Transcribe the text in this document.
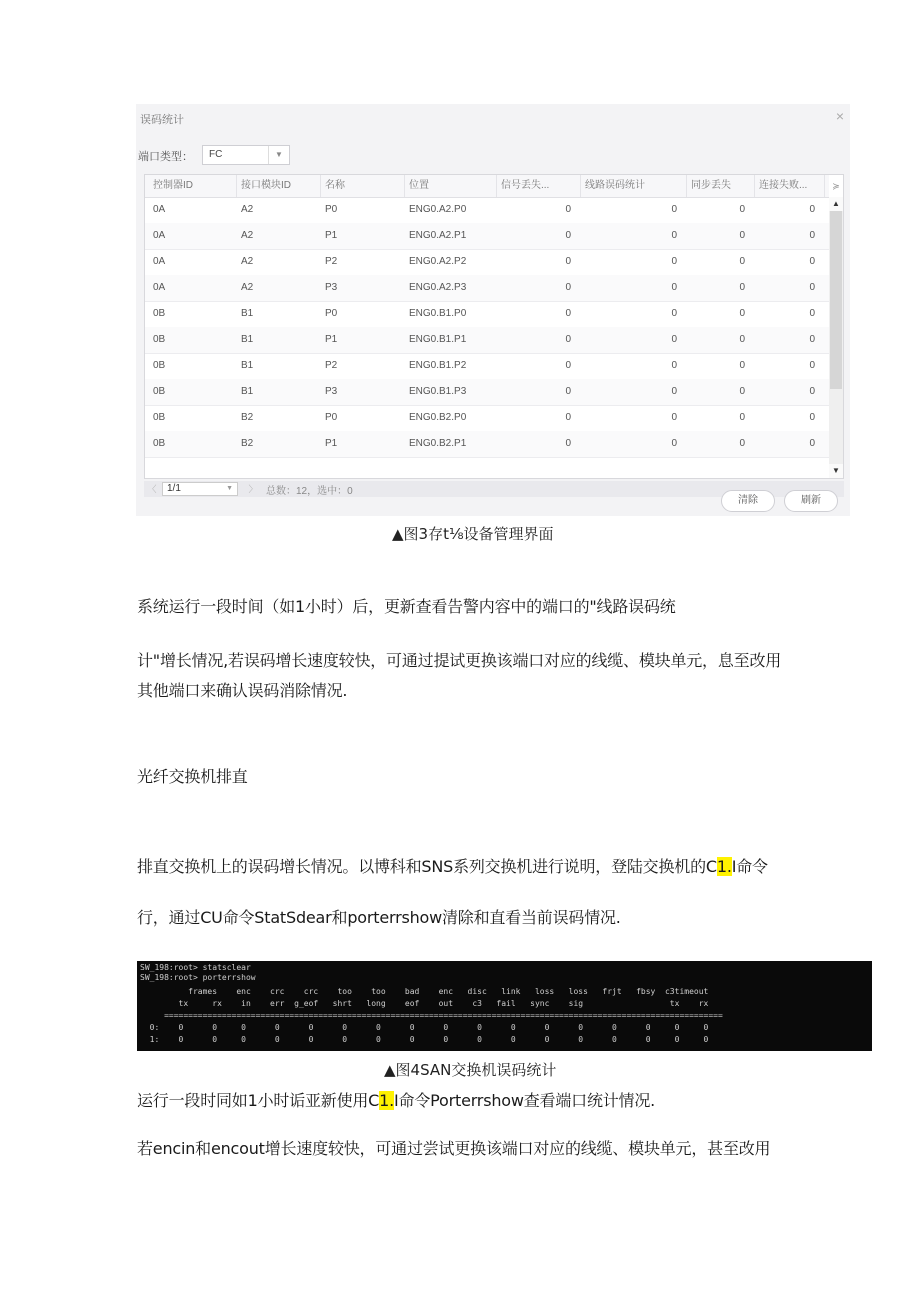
误码统计	×
端口类型： FC	▼
控制器ID	接口模块ID	名称	位置	信号丢失...	线路误码统计	同步丢失	连接失败...	≽
0A	A2	P0	ENG0.A2.P0	0	0	0	0
0A	A2	P1	ENG0.A2.P1	0	0	0	0
0A	A2	P2	ENG0.A2.P2	0	0	0	0
0A	A2	P3	ENG0.A2.P3	0	0	0	0
0B	B1	P0	ENG0.B1.P0	0	0	0	0
0B	B1	P1	ENG0.B1.P1	0	0	0	0
0B	B1	P2	ENG0.B1.P2	0	0	0	0
0B	B1	P3	ENG0.B1.P3	0	0	0	0
0B	B2	P0	ENG0.B2.P0	0	0	0	0
0B	B2	P1	ENG0.B2.P1	0	0	0	0
▲
▼
〈	1/1	▼ 〉 总数：12，选中：0
清除	刷新
▲图3存t⅛设备管理界面
系统运行一段时间（如1小时）后，更新查看告警内容中的端口的"线路误码统
计"增长情况,若误码增长速度较快，可通过提试更换该端口对应的线缆、模块单元，息至改用
其他端口来确认误码消除情况.
光纤交换机排直
排直交换机上的误码增长情况。以博科和SNS系列交换机进行说明，登陆交换机的C1.I命令
行，通过CU命令StatSdear和porterrshow清除和直看当前误码情况.
SW_198:root> statsclear
SW_198:root> porterrshow
frames    enc    crc    crc    too    too    bad    enc   disc   link   loss   loss   frjt   fbsy  c3timeout
tx     rx    in    err  g_eof   shrt   long    eof    out    c3   fail   sync    sig                  tx    rx
====================================================================================================================
0:    0      0     0      0      0      0      0      0      0      0      0      0      0      0      0     0     0
1:    0      0     0      0      0      0      0      0      0      0      0      0      0      0      0     0     0
▲图4SAN交换机误码统计
运行一段时同如1小时诟亚新使用C1.I命令Porterrshow查看端口统计情况.
若encin和encout增长速度较快，可通过尝试更换该端口对应的线缆、模块单元，甚至改用
